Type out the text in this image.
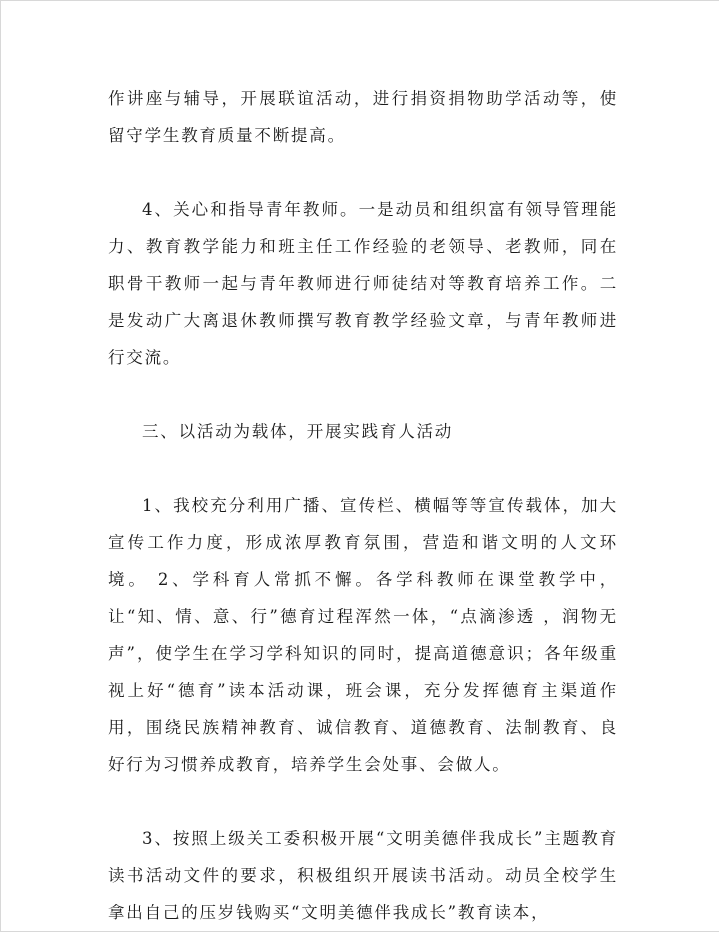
作讲座与辅导，开展联谊活动，进行捐资捐物助学活动等，使留守学生教育质量不断提高。

4、关心和指导青年教师。一是动员和组织富有领导管理能力、教育教学能力和班主任工作经验的老领导、老教师，同在职骨干教师一起与青年教师进行师徒结对等教育培养工作。二是发动广大离退休教师撰写教育教学经验文章，与青年教师进行交流。

三、以活动为载体，开展实践育人活动

1、我校充分利用广播、宣传栏、横幅等等宣传载体，加大宣传工作力度，形成浓厚教育氛围，营造和谐文明的人文环境。 2、学科育人常抓不懈。各学科教师在课堂教学中，让“知、情、意、行”德育过程浑然一体，“点滴渗透 ，润物无声”，使学生在学习学科知识的同时，提高道德意识；各年级重视上好“德育”读本活动课，班会课，充分发挥德育主渠道作用，围绕民族精神教育、诚信教育、道德教育、法制教育、良好行为习惯养成教育，培养学生会处事、会做人。

3、按照上级关工委积极开展“文明美德伴我成长”主题教育读书活动文件的要求，积极组织开展读书活动。动员全校学生拿出自己的压岁钱购买“文明美德伴我成长”教育读本，
